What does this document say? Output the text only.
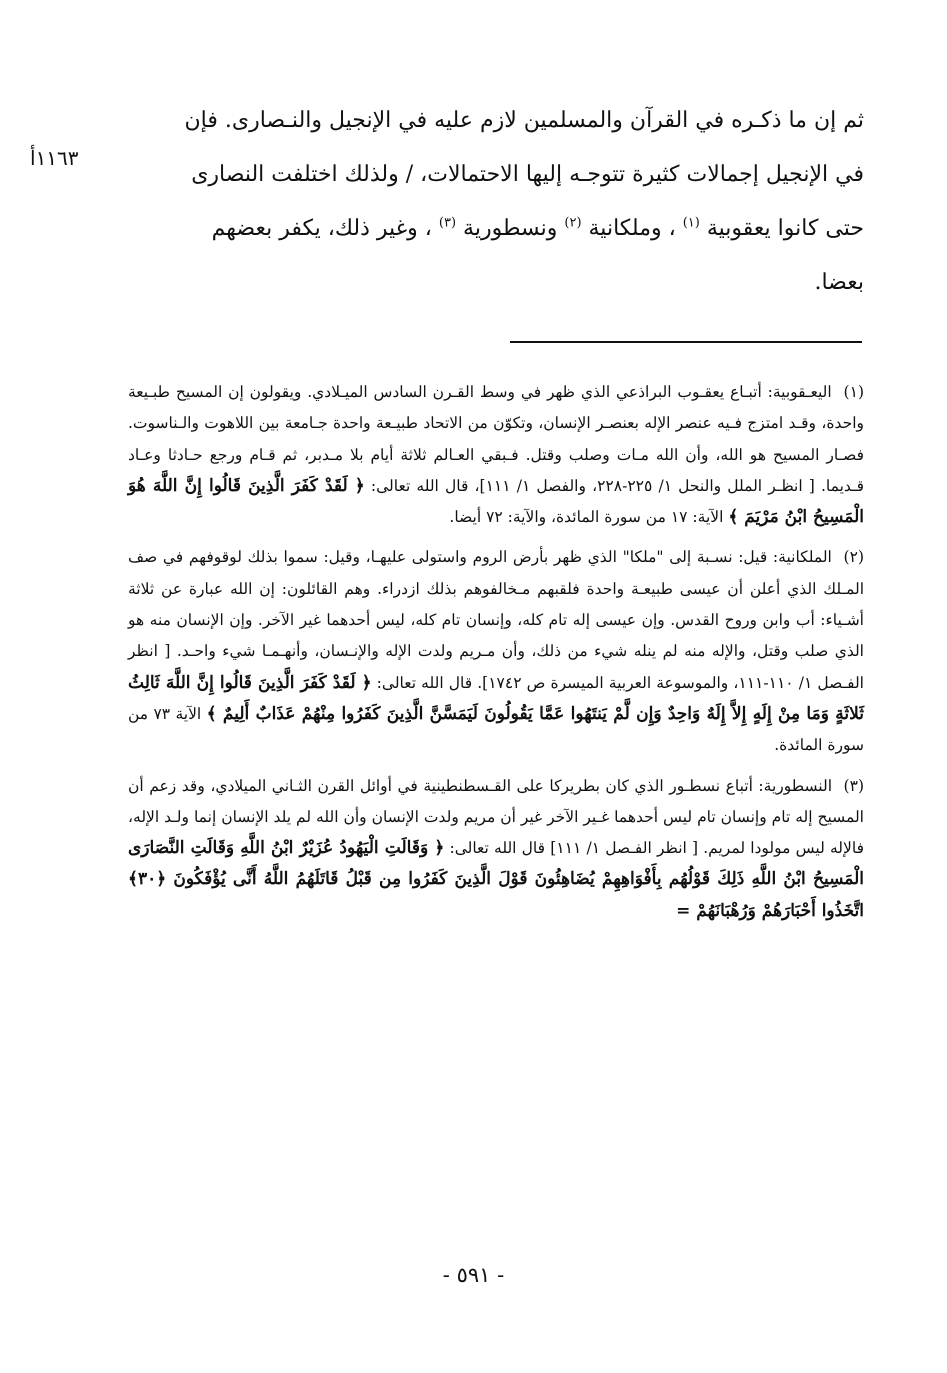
١١٦٣أ

ثم إن ما ذكـره في القرآن والمسلمين لازم عليه في الإنجيل والنـصارى. فإن

في الإنجيل إجمالات كثيرة تتوجـه إليها الاحتمالات، / ولذلك اختلفت النصارى

حتى كانوا يعقوبية $^{(١)}$ ، وملكانية $^{(٢)}$ ونسطورية $^{(٣)}$ ، وغير ذلك، يكفر بعضهم

بعضا.

(١) اليعـقوبية: أتبـاع يعقـوب البراذعي الذي ظهر في وسط القـرن السادس الميـلادي. ويقولون إن المسيح طبـيعة واحدة، وقـد امتزج فـيه عنصر الإله بعنصـر الإنسان، وتكوّن من الاتحاد طبيـعة واحدة جـامعة بين اللاهوت والـناسوت. فصـار المسيح هو الله، وأن الله مـات وصلب وقتل. فـبقي العـالم ثلاثة أيام بلا مـدبر، ثم قـام ورجع حـادثا وعـاد قـديما. [ انظـر الملل والنحل ١/ ٢٢٥-٢٢٨، والفصل ١/ ١١١]، قال الله تعالى: ﴿ لَقَدْ كَفَرَ الَّذِينَ قَالُوا إِنَّ اللَّهَ هُوَ الْمَسِيحُ ابْنُ مَرْيَمَ ﴾ الآية: ١٧ من سورة المائدة، والآية: ٧٢ أيضا.

(٢) الملكانية: قيل: نسـبة إلى "ملكا" الذي ظهر بأرض الروم واستولى عليهـا، وقيل: سموا بذلك لوقوفهم في صف المـلك الذي أعلن أن عيسى طبيعـة واحدة فلقبهم مـخالفوهم بذلك ازدراء. وهم القائلون: إن الله عبارة عن ثلاثة أشـياء: أب وابن وروح القدس. وإن عيسى إله تام كله، وإنسان تام كله، ليس أحدهما غير الآخر. وإن الإنسان منه هو الذي صلب وقتل، والإله منه لم ينله شيء من ذلك، وأن مـريم ولدت الإله والإنـسان، وأنهـمـا شيء واحـد. [ انظر الفـصل ١/ ١١٠-١١١، والموسوعة العربية الميسرة ص ١٧٤٢]. قال الله تعالى: ﴿ لَقَدْ كَفَرَ الَّذِينَ قَالُوا إِنَّ اللَّهَ ثَالِثُ ثَلاثَةٍ وَمَا مِنْ إِلَهٍ إِلاَّ إِلَهٌ وَاحِدٌ وَإِن لَّمْ يَنتَهُوا عَمَّا يَقُولُونَ لَيَمَسَّنَّ الَّذِينَ كَفَرُوا مِنْهُمْ عَذَابٌ أَلِيمٌ ﴾ الآية ٧٣ من سورة المائدة.

(٣) النسطورية: أتباع نسطـور الذي كان بطريركا على القـسطنطينية في أوائل القرن الثـاني الميلادي، وقد زعم أن المسيح إله تام وإنسان تام ليس أحدهما غـير الآخر غير أن مريم ولدت الإنسان وأن الله لم يلد الإنسان إنما ولـد الإله، فالإله ليس مولودا لمريم. [ انظر الفـصل ١/ ١١١] قال الله تعالى: ﴿ وَقَالَتِ الْيَهُودُ عُزَيْرٌ ابْنُ اللَّهِ وَقَالَتِ النَّصَارَى الْمَسِيحُ ابْنُ اللَّهِ ذَلِكَ قَوْلُهُم بِأَفْوَاهِهِمْ يُضَاهِئُونَ قَوْلَ الَّذِينَ كَفَرُوا مِن قَبْلُ قَاتَلَهُمُ اللَّهُ أَنَّى يُؤْفَكُونَ ﴿٣٠﴾ اتَّخَذُوا أَحْبَارَهُمْ وَرُهْبَانَهُمْ =

- ٥٩١ -
